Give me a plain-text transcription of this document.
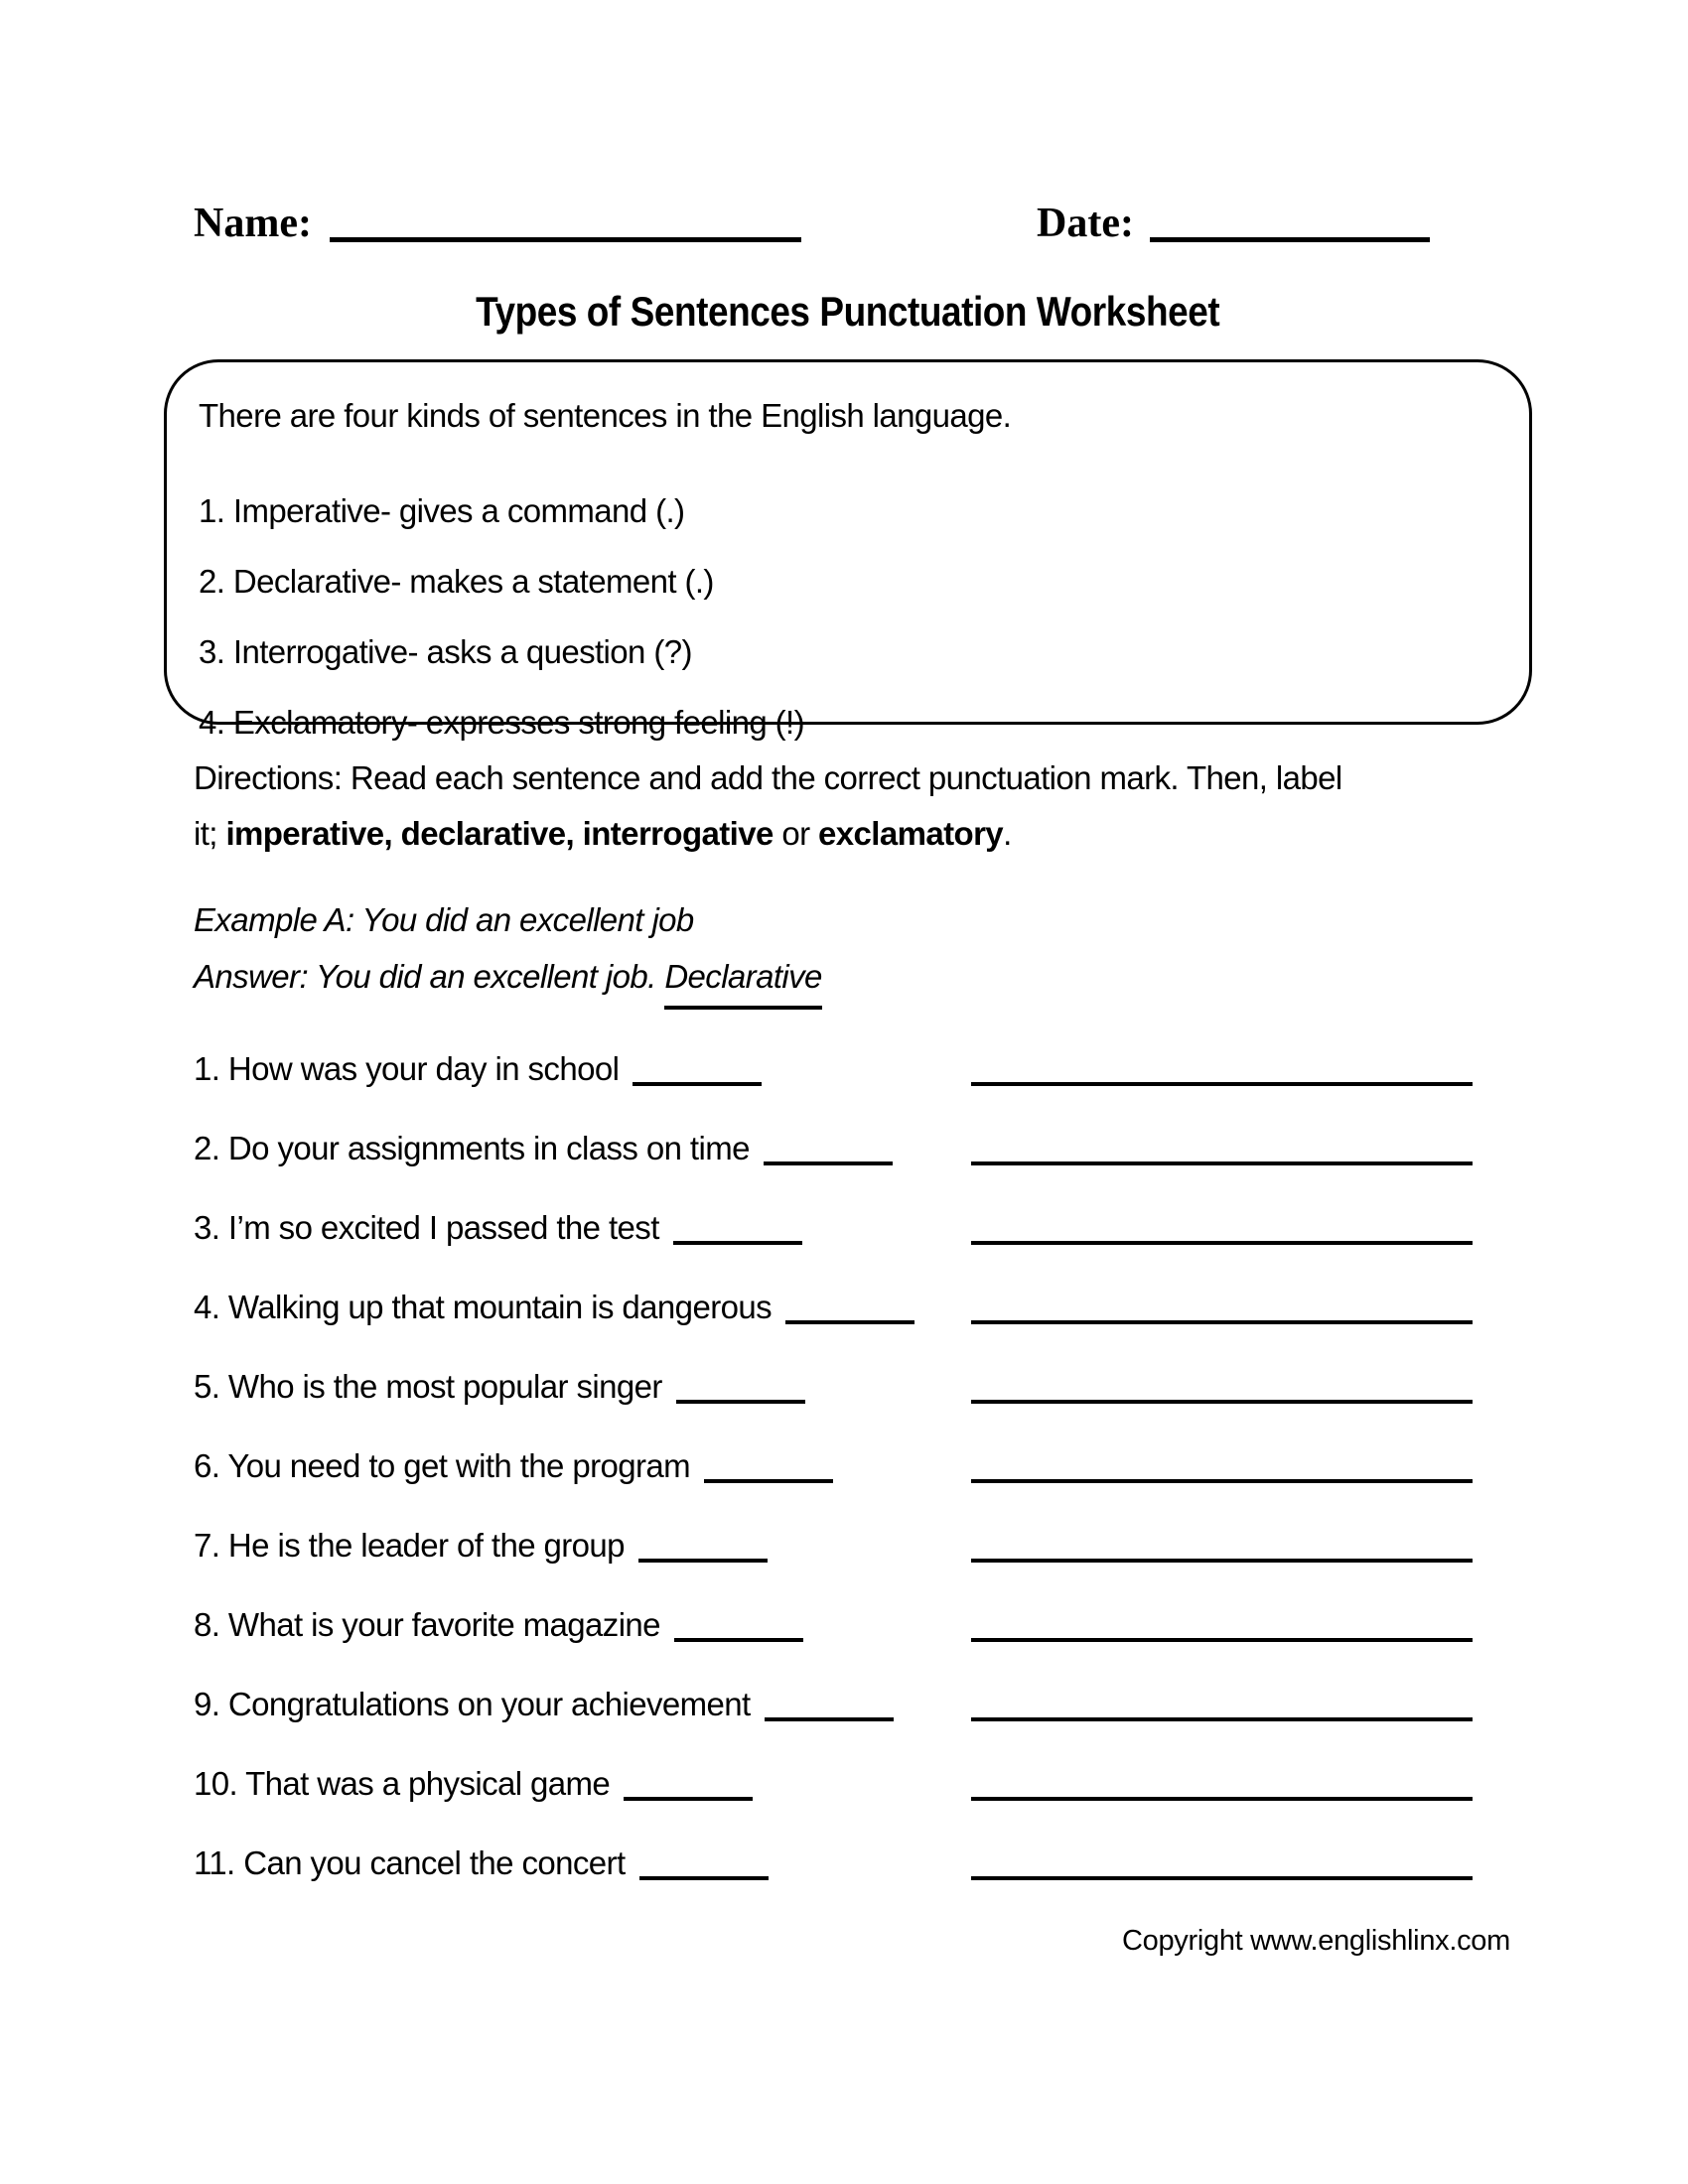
Name:	Date:
Types of Sentences Punctuation Worksheet
There are four kinds of sentences in the English language.
1. Imperative- gives a command (.)
2. Declarative- makes a statement (.)
3. Interrogative- asks a question (?)
4. Exclamatory- expresses strong feeling (!)
Directions: Read each sentence and add the correct punctuation mark. Then, label
it; imperative, declarative, interrogative or exclamatory.
Example A: You did an excellent job
Answer: You did an excellent job. Declarative
1. How was your day in school
2. Do your assignments in class on time
3. I’m so excited I passed the test
4. Walking up that mountain is dangerous
5. Who is the most popular singer
6. You need to get with the program
7. He is the leader of the group
8. What is your favorite magazine
9. Congratulations on your achievement
10. That was a physical game
11. Can you cancel the concert
Copyright www.englishlinx.com
